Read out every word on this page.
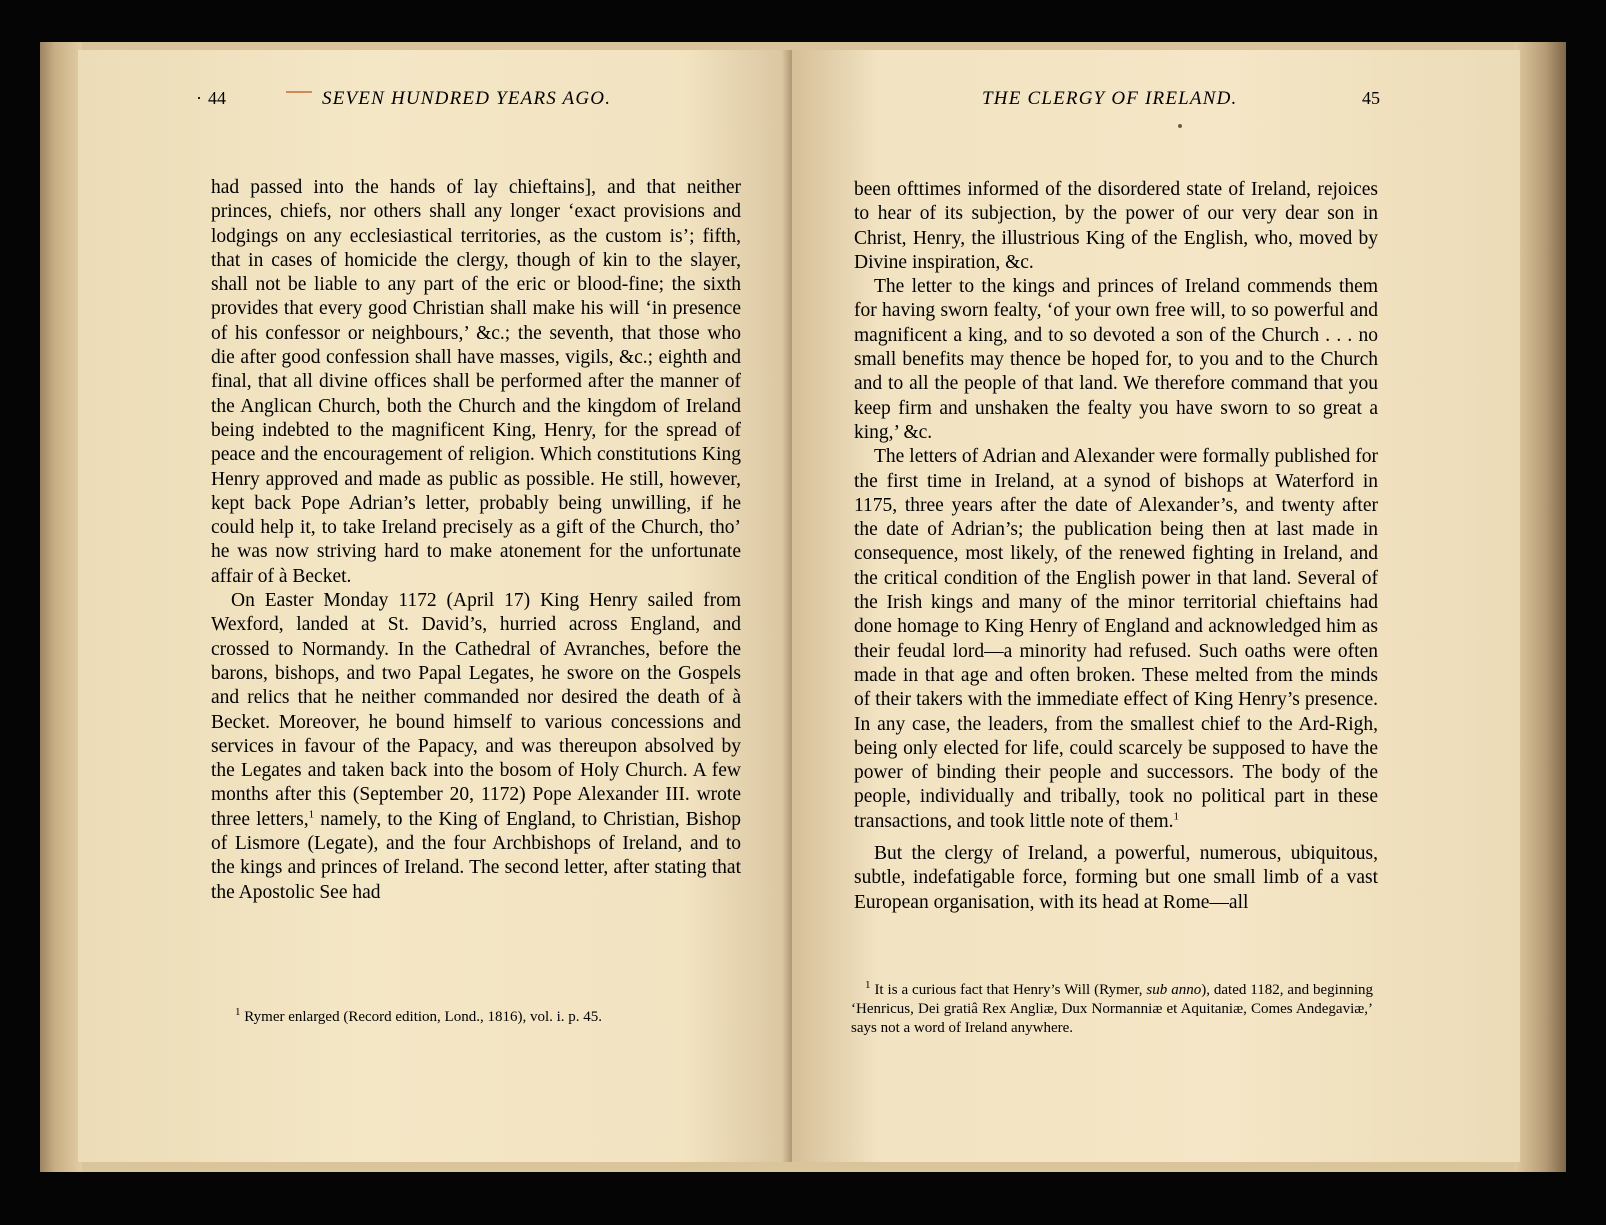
· 44	SEVEN HUNDRED YEARS AGO.

had passed into the hands of lay chieftains], and that neither princes, chiefs, nor others shall any longer ‘exact provisions and lodgings on any ecclesiastical territories, as the custom is’; fifth, that in cases of homicide the clergy, though of kin to the slayer, shall not be liable to any part of the eric or blood-fine; the sixth provides that every good Christian shall make his will ‘in presence of his confessor or neighbours,’ &c.; the seventh, that those who die after good confession shall have masses, vigils, &c.; eighth and final, that all divine offices shall be performed after the manner of the Anglican Church, both the Church and the kingdom of Ireland being indebted to the magnificent King, Henry, for the spread of peace and the encouragement of religion. Which constitutions King Henry approved and made as public as possible. He still, however, kept back Pope Adrian’s letter, probably being unwilling, if he could help it, to take Ireland precisely as a gift of the Church, tho’ he was now striving hard to make atonement for the unfortunate affair of à Becket.

On Easter Monday 1172 (April 17) King Henry sailed from Wexford, landed at St. David’s, hurried across England, and crossed to Normandy. In the Cathedral of Avranches, before the barons, bishops, and two Papal Legates, he swore on the Gospels and relics that he neither commanded nor desired the death of à Becket. Moreover, he bound himself to various concessions and services in favour of the Papacy, and was thereupon absolved by the Legates and taken back into the bosom of Holy Church. A few months after this (September 20, 1172) Pope Alexander III. wrote three letters,$^1$ namely, to the King of England, to Christian, Bishop of Lismore (Legate), and the four Archbishops of Ireland, and to the kings and princes of Ireland. The second letter, after stating that the Apostolic See had

$^1$ Rymer enlarged (Record edition, Lond., 1816), vol. i. p. 45.
THE CLERGY OF IRELAND.	45

been ofttimes informed of the disordered state of Ireland, rejoices to hear of its subjection, by the power of our very dear son in Christ, Henry, the illustrious King of the English, who, moved by Divine inspiration, &c.

The letter to the kings and princes of Ireland commends them for having sworn fealty, ‘of your own free will, to so powerful and magnificent a king, and to so devoted a son of the Church . . . no small benefits may thence be hoped for, to you and to the Church and to all the people of that land. We therefore command that you keep firm and unshaken the fealty you have sworn to so great a king,’ &c.

The letters of Adrian and Alexander were formally published for the first time in Ireland, at a synod of bishops at Waterford in 1175, three years after the date of Alexander’s, and twenty after the date of Adrian’s; the publication being then at last made in consequence, most likely, of the renewed fighting in Ireland, and the critical condition of the English power in that land. Several of the Irish kings and many of the minor territorial chieftains had done homage to King Henry of England and acknowledged him as their feudal lord—a minority had refused. Such oaths were often made in that age and often broken. These melted from the minds of their takers with the immediate effect of King Henry’s presence. In any case, the leaders, from the smallest chief to the Ard-Righ, being only elected for life, could scarcely be supposed to have the power of binding their people and successors. The body of the people, individually and tribally, took no political part in these transactions, and took little note of them.$^1$

But the clergy of Ireland, a powerful, numerous, ubiquitous, subtle, indefatigable force, forming but one small limb of a vast European organisation, with its head at Rome—all

$^1$ It is a curious fact that Henry’s Will (Rymer, sub anno), dated 1182, and beginning ‘Henricus, Dei gratiâ Rex Angliæ, Dux Normanniæ et Aquitaniæ, Comes Andegaviæ,’ says not a word of Ireland anywhere.
